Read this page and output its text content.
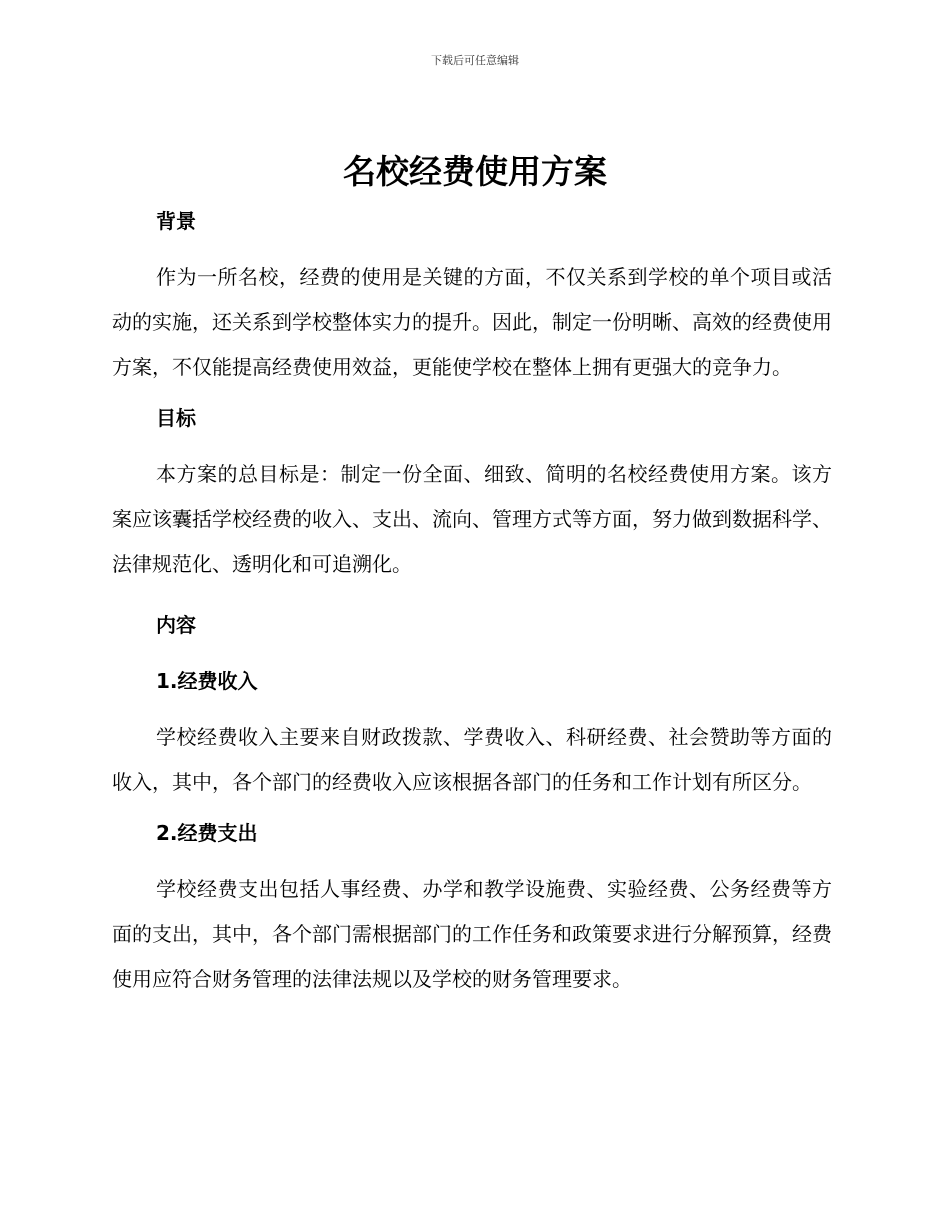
下载后可任意编辑
名校经费使用方案

背景

作为一所名校，经费的使用是关键的方面，不仅关系到学校的单个项目或活动的实施，还关系到学校整体实力的提升。因此，制定一份明晰、高效的经费使用方案，不仅能提高经费使用效益，更能使学校在整体上拥有更强大的竞争力。

目标

本方案的总目标是：制定一份全面、细致、简明的名校经费使用方案。该方案应该囊括学校经费的收入、支出、流向、管理方式等方面，努力做到数据科学、法律规范化、透明化和可追溯化。

内容

1.经费收入

学校经费收入主要来自财政拨款、学费收入、科研经费、社会赞助等方面的收入，其中，各个部门的经费收入应该根据各部门的任务和工作计划有所区分。

2.经费支出

学校经费支出包括人事经费、办学和教学设施费、实验经费、公务经费等方面的支出，其中，各个部门需根据部门的工作任务和政策要求进行分解预算，经费使用应符合财务管理的法律法规以及学校的财务管理要求。
